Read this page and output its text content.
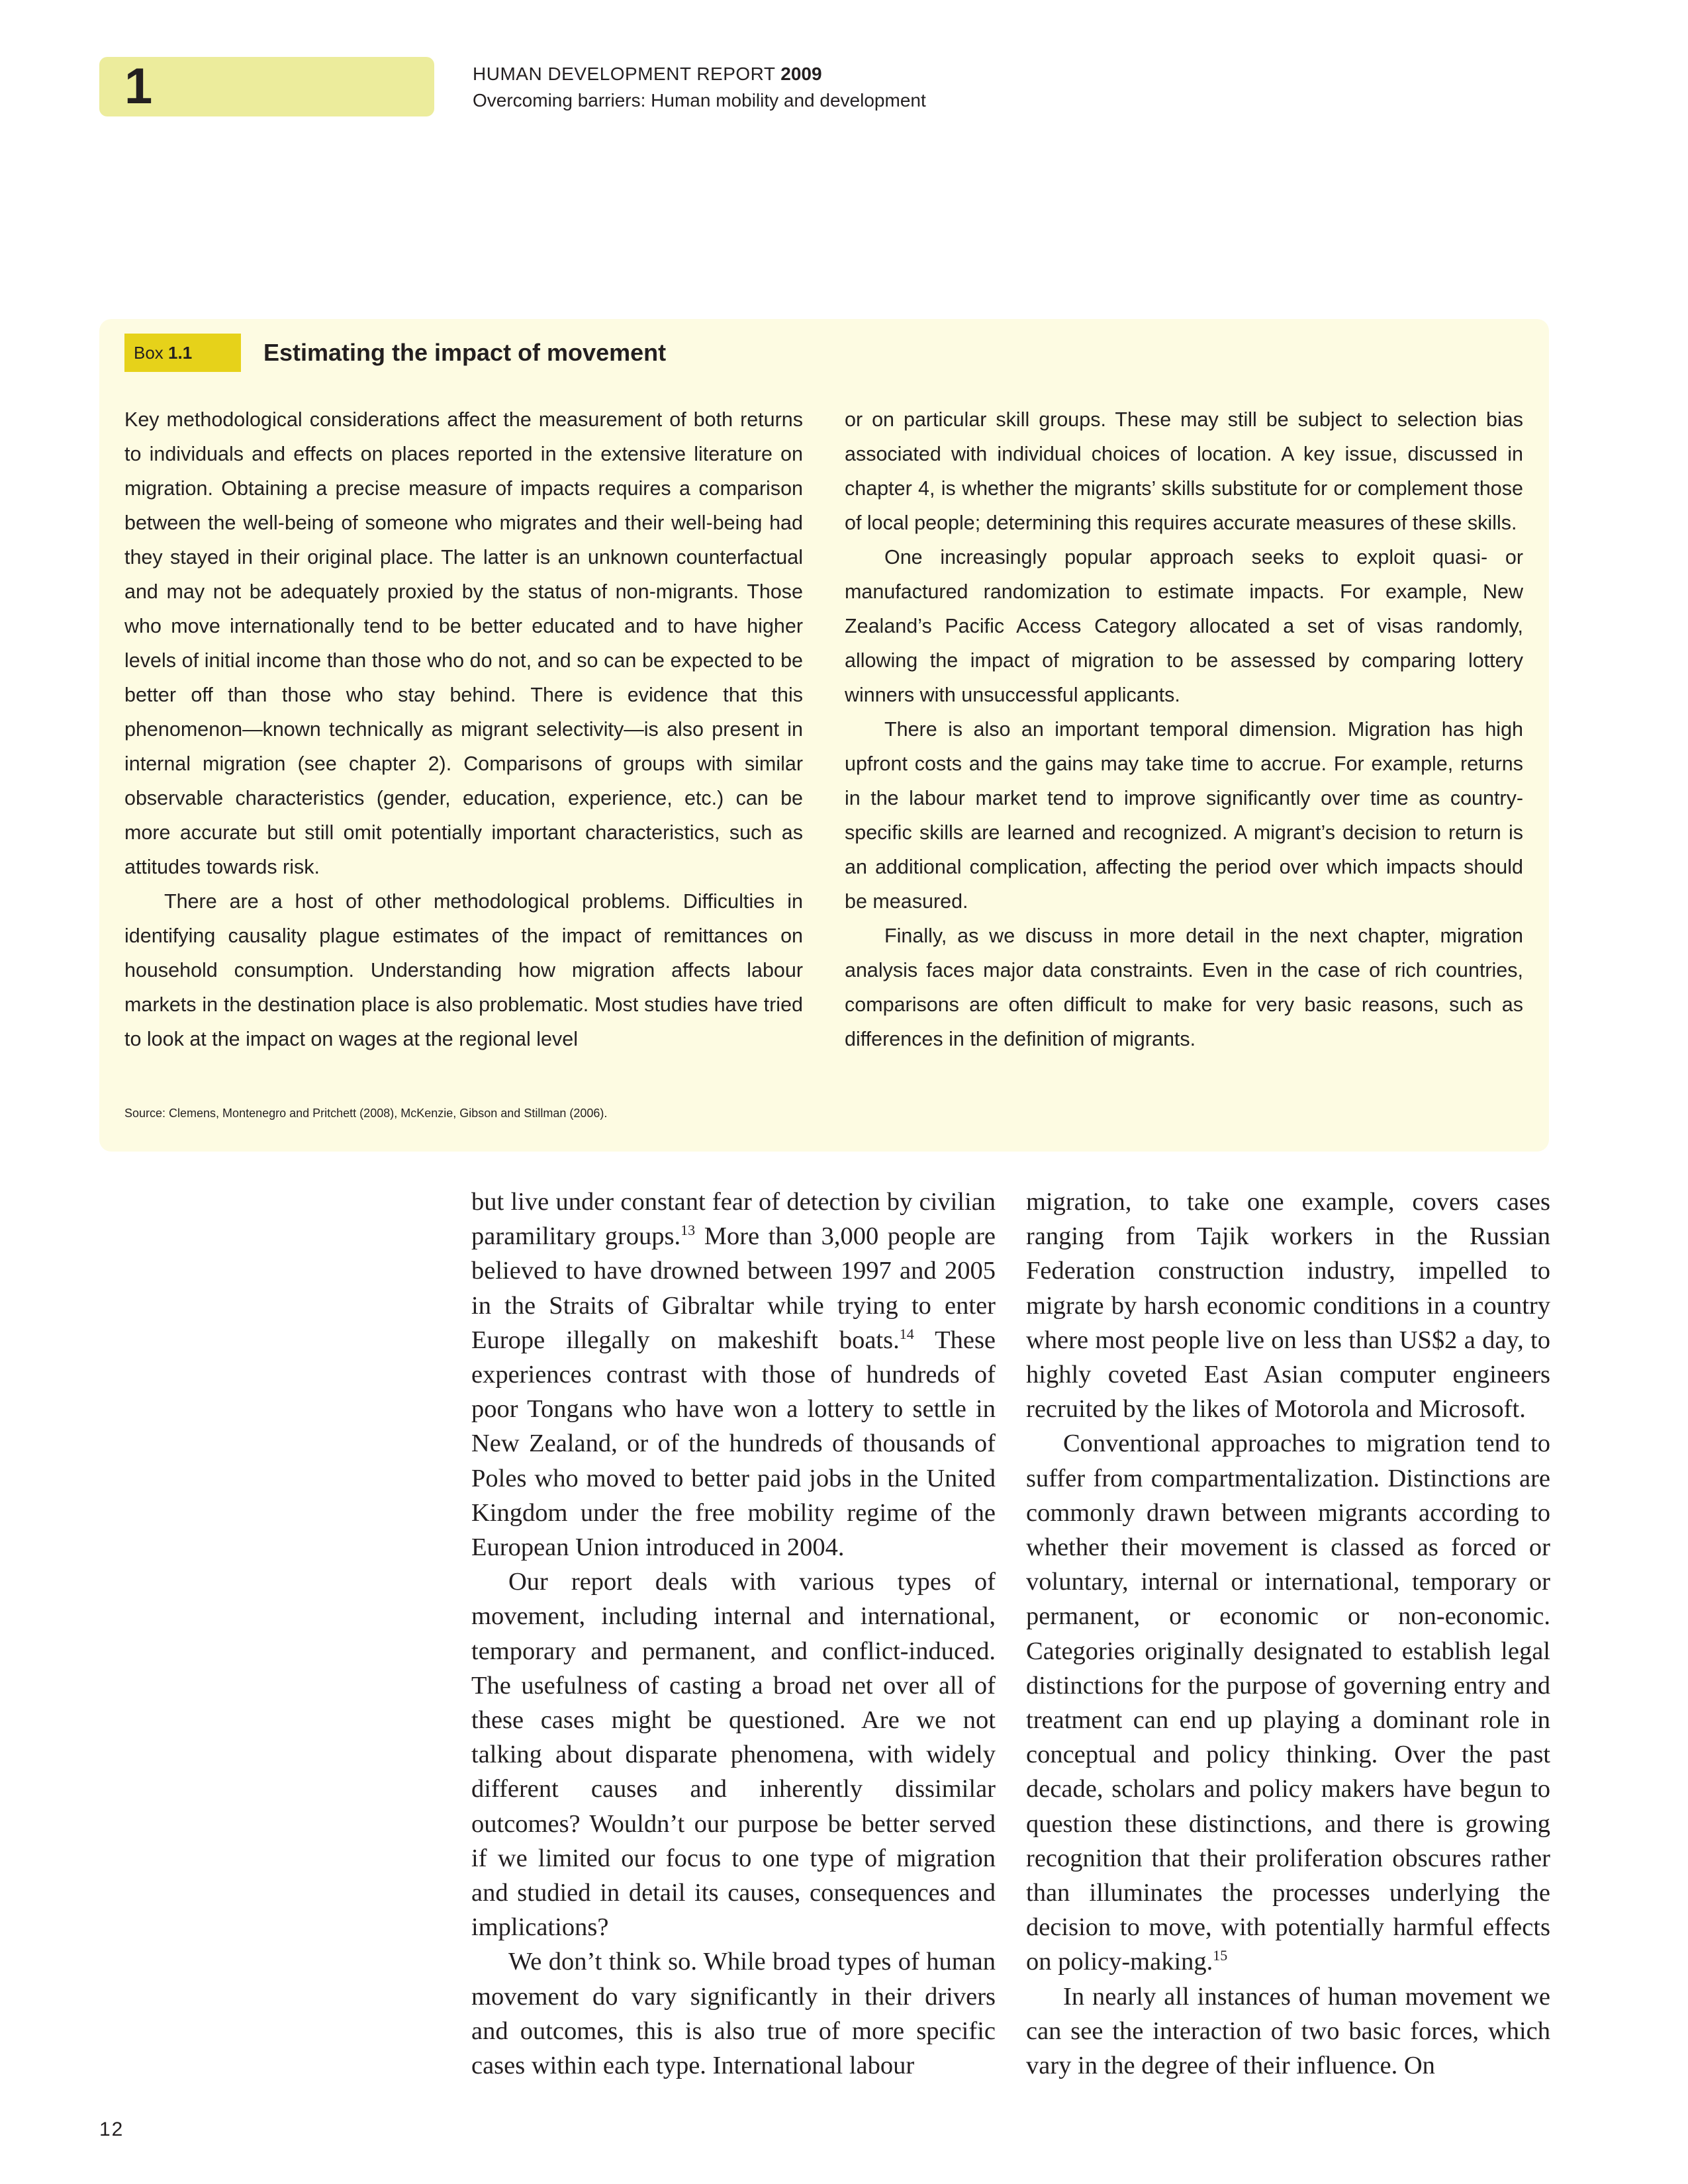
1	HUMAN DEVELOPMENT REPORT 2009
Overcoming barriers: Human mobility and development
Box 1.1	Estimating the impact of movement

Key methodological considerations affect the measurement of both returns to individuals and effects on places reported in the extensive literature on migration. Obtaining a precise measure of impacts requires a comparison between the well-being of someone who migrates and their well-being had they stayed in their original place. The latter is an unknown counterfactual and may not be adequately proxied by the status of non-migrants. Those who move internationally tend to be better educated and to have higher levels of initial income than those who do not, and so can be expected to be better off than those who stay behind. There is evidence that this phenomenon—known technically as migrant selectivity—is also present in internal migration (see chapter 2). Comparisons of groups with similar observable characteristics (gender, education, experience, etc.) can be more accurate but still omit potentially important characteristics, such as attitudes towards risk.

There are a host of other methodological problems. Difficulties in identifying causality plague estimates of the impact of remittances on household consumption. Understanding how migration affects labour markets in the destination place is also problematic. Most studies have tried to look at the impact on wages at the regional level

or on particular skill groups. These may still be subject to selection bias associated with individual choices of location. A key issue, discussed in chapter 4, is whether the migrants’ skills substitute for or complement those of local people; determining this requires accurate measures of these skills.

One increasingly popular approach seeks to exploit quasi- or manufactured randomization to estimate impacts. For example, New Zealand’s Pacific Access Category allocated a set of visas randomly, allowing the impact of migration to be assessed by comparing lottery winners with unsuccessful applicants.

There is also an important temporal dimension. Migration has high upfront costs and the gains may take time to accrue. For example, returns in the labour market tend to improve significantly over time as country-specific skills are learned and recognized. A migrant’s decision to return is an additional complication, affecting the period over which impacts should be measured.

Finally, as we discuss in more detail in the next chapter, migration analysis faces major data constraints. Even in the case of rich countries, comparisons are often difficult to make for very basic reasons, such as differences in the definition of migrants.

Source: Clemens, Montenegro and Pritchett (2008), McKenzie, Gibson and Stillman (2006).

but live under constant fear of detection by civilian paramilitary groups.$^{13}$ More than 3,000 people are believed to have drowned between 1997 and 2005 in the Straits of Gibraltar while trying to enter Europe illegally on makeshift boats.$^{14}$ These experiences contrast with those of hundreds of poor Tongans who have won a lottery to settle in New Zealand, or of the hundreds of thousands of Poles who moved to better paid jobs in the United Kingdom under the free mobility regime of the European Union introduced in 2004.

Our report deals with various types of movement, including internal and international, temporary and permanent, and conflict-induced. The usefulness of casting a broad net over all of these cases might be questioned. Are we not talking about disparate phenomena, with widely different causes and inherently dissimilar outcomes? Wouldn’t our purpose be better served if we limited our focus to one type of migration and studied in detail its causes, consequences and implications?

We don’t think so. While broad types of human movement do vary significantly in their drivers and outcomes, this is also true of more specific cases within each type. International labour

migration, to take one example, covers cases ranging from Tajik workers in the Russian Federation construction industry, impelled to migrate by harsh economic conditions in a country where most people live on less than US$2 a day, to highly coveted East Asian computer engineers recruited by the likes of Motorola and Microsoft.

Conventional approaches to migration tend to suffer from compartmentalization. Distinctions are commonly drawn between migrants according to whether their movement is classed as forced or voluntary, internal or international, temporary or permanent, or economic or non-economic. Categories originally designated to establish legal distinctions for the purpose of governing entry and treatment can end up playing a dominant role in conceptual and policy thinking. Over the past decade, scholars and policy makers have begun to question these distinctions, and there is growing recognition that their proliferation obscures rather than illuminates the processes underlying the decision to move, with potentially harmful effects on policy-making.$^{15}$

In nearly all instances of human movement we can see the interaction of two basic forces, which vary in the degree of their influence. On

12
